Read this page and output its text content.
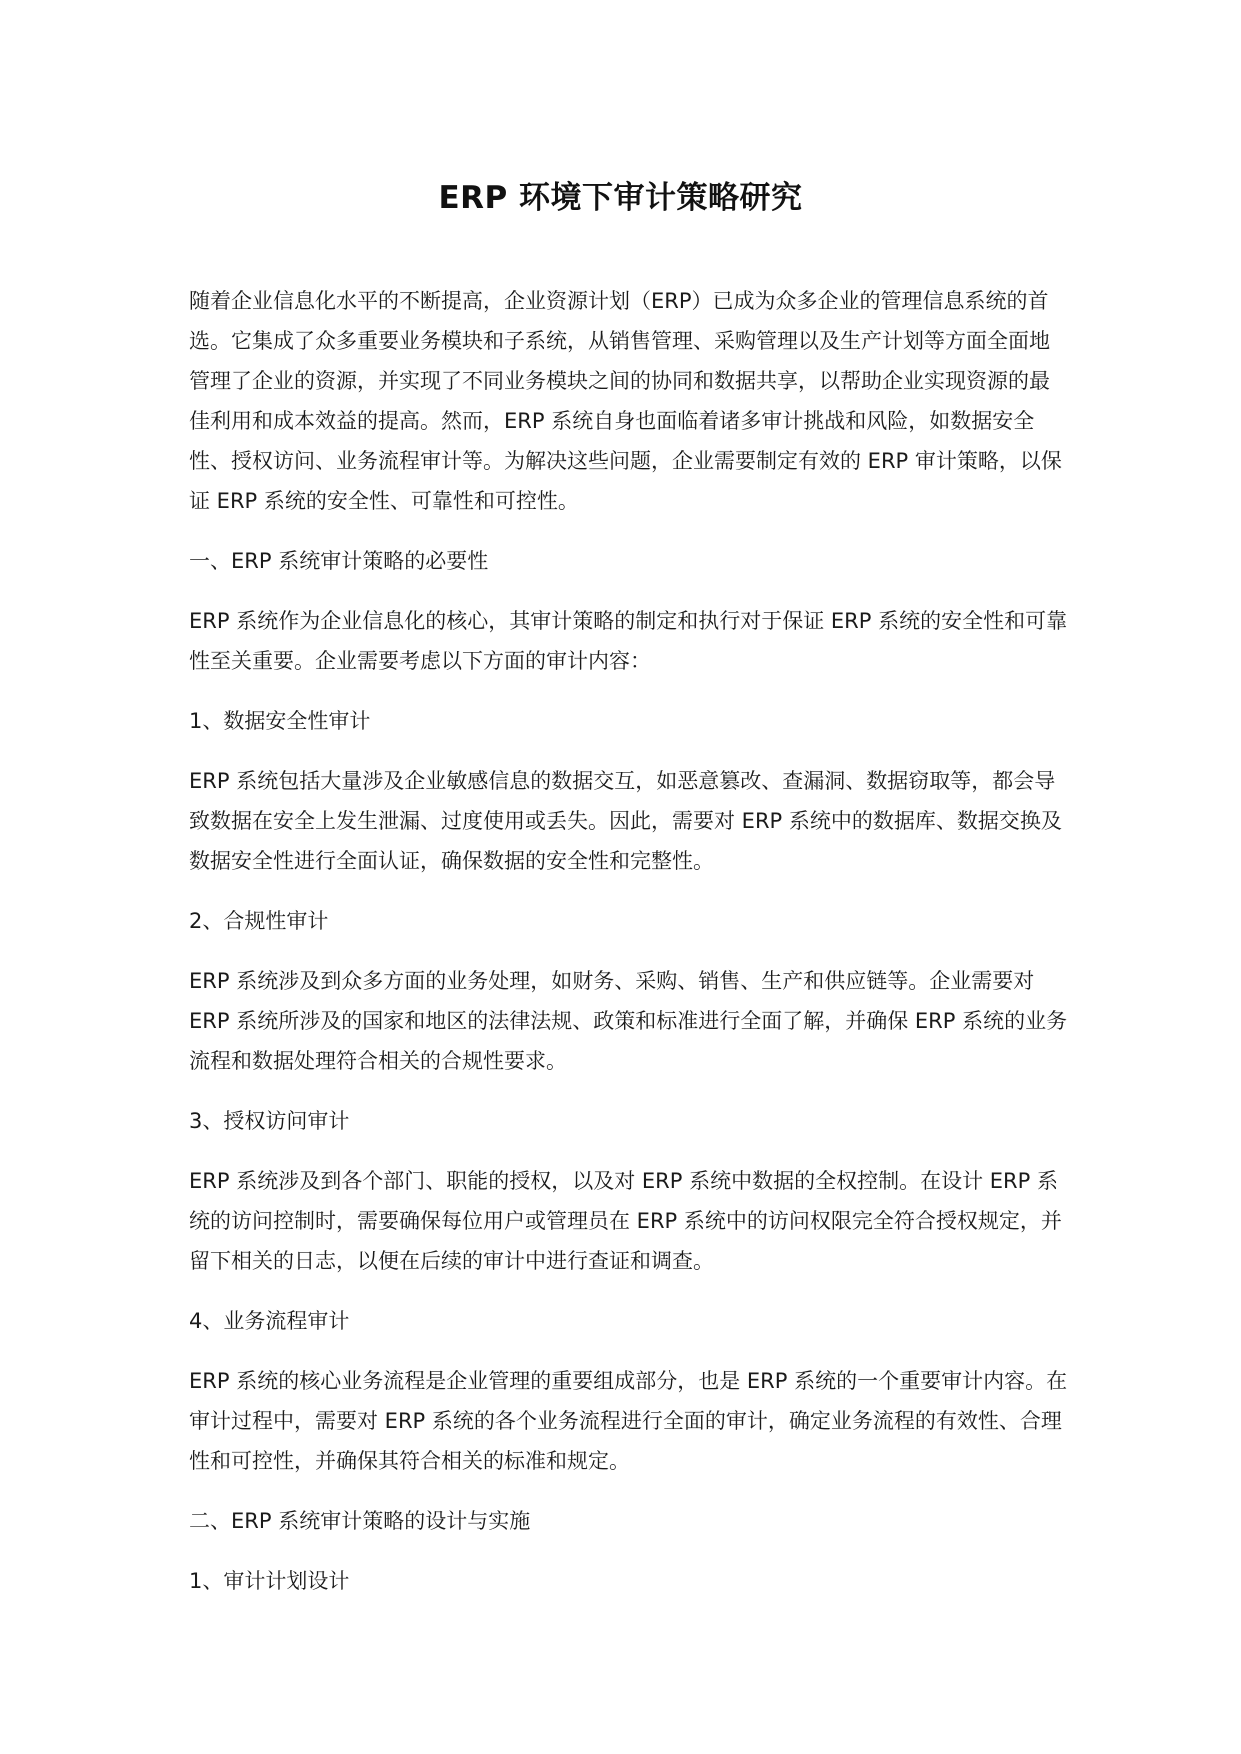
ERP 环境下审计策略研究

随着企业信息化水平的不断提高，企业资源计划（ERP）已成为众多企业的管理信息系统的首选。它集成了众多重要业务模块和子系统，从销售管理、采购管理以及生产计划等方面全面地管理了企业的资源，并实现了不同业务模块之间的协同和数据共享，以帮助企业实现资源的最佳利用和成本效益的提高。然而，ERP 系统自身也面临着诸多审计挑战和风险，如数据安全性、授权访问、业务流程审计等。为解决这些问题，企业需要制定有效的 ERP 审计策略，以保证 ERP 系统的安全性、可靠性和可控性。

一、ERP 系统审计策略的必要性

ERP 系统作为企业信息化的核心，其审计策略的制定和执行对于保证 ERP 系统的安全性和可靠性至关重要。企业需要考虑以下方面的审计内容：

1、数据安全性审计

ERP 系统包括大量涉及企业敏感信息的数据交互，如恶意篡改、查漏洞、数据窃取等，都会导致数据在安全上发生泄漏、过度使用或丢失。因此，需要对 ERP 系统中的数据库、数据交换及数据安全性进行全面认证，确保数据的安全性和完整性。

2、合规性审计

ERP 系统涉及到众多方面的业务处理，如财务、采购、销售、生产和供应链等。企业需要对 ERP 系统所涉及的国家和地区的法律法规、政策和标准进行全面了解，并确保 ERP 系统的业务流程和数据处理符合相关的合规性要求。

3、授权访问审计

ERP 系统涉及到各个部门、职能的授权，以及对 ERP 系统中数据的全权控制。在设计 ERP 系统的访问控制时，需要确保每位用户或管理员在 ERP 系统中的访问权限完全符合授权规定，并留下相关的日志，以便在后续的审计中进行查证和调查。

4、业务流程审计

ERP 系统的核心业务流程是企业管理的重要组成部分，也是 ERP 系统的一个重要审计内容。在审计过程中，需要对 ERP 系统的各个业务流程进行全面的审计，确定业务流程的有效性、合理性和可控性，并确保其符合相关的标准和规定。

二、ERP 系统审计策略的设计与实施

1、审计计划设计
